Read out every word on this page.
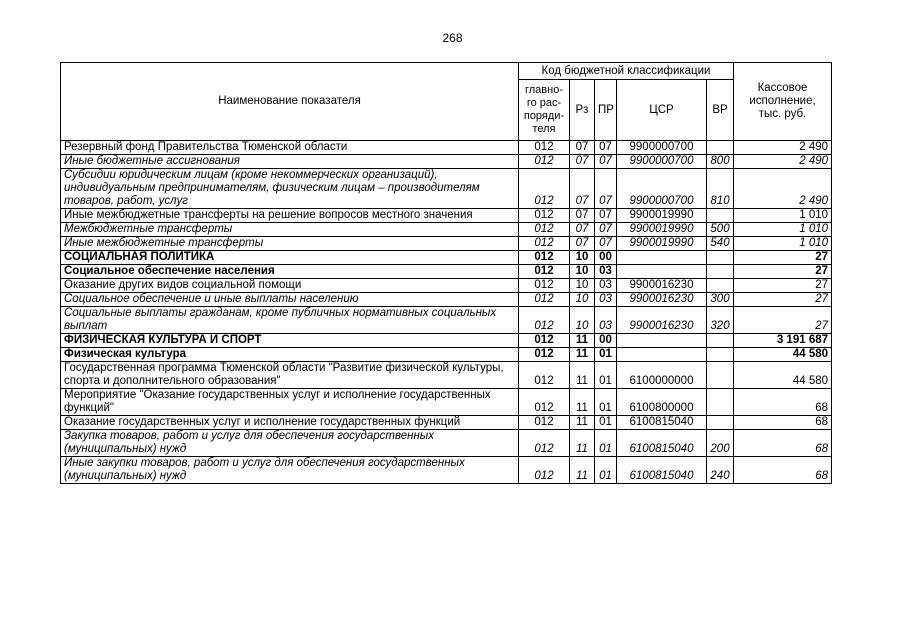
268
Наименование показателя	Код бюджетной классификации					Кассовое исполнение, тыс. руб.
	главно-го рас-поряди-теля	Рз	ПР	ЦСР	ВР	
Резервный фонд Правительства Тюменской области	012	07	07	9900000700		2 490
Иные бюджетные ассигнования	012	07	07	9900000700	800	2 490
Субсидии юридическим лицам (кроме некоммерческих организаций), индивидуальным предпринимателям, физическим лицам – производителям товаров, работ, услуг	012	07	07	9900000700	810	2 490
Иные межбюджетные трансферты на решение вопросов местного значения	012	07	07	9900019990		1 010
Межбюджетные трансферты	012	07	07	9900019990	500	1 010
Иные межбюджетные трансферты	012	07	07	9900019990	540	1 010
СОЦИАЛЬНАЯ ПОЛИТИКА	012	10	00			27
Социальное обеспечение населения	012	10	03			27
Оказание других видов социальной помощи	012	10	03	9900016230		27
Социальное обеспечение и иные выплаты населению	012	10	03	9900016230	300	27
Социальные выплаты гражданам, кроме публичных нормативных социальных выплат	012	10	03	9900016230	320	27
ФИЗИЧЕСКАЯ КУЛЬТУРА И СПОРТ	012	11	00			3 191 687
Физическая культура	012	11	01			44 580
Государственная программа Тюменской области "Развитие физической культуры, спорта и дополнительного образования"	012	11	01	6100000000		44 580
Мероприятие "Оказание государственных услуг и исполнение государственных функций"	012	11	01	6100800000		68
Оказание государственных услуг и исполнение государственных функций	012	11	01	6100815040		68
Закупка товаров, работ и услуг для обеспечения государственных (муниципальных) нужд	012	11	01	6100815040	200	68
Иные закупки товаров, работ и услуг для обеспечения государственных (муниципальных) нужд	012	11	01	6100815040	240	68
